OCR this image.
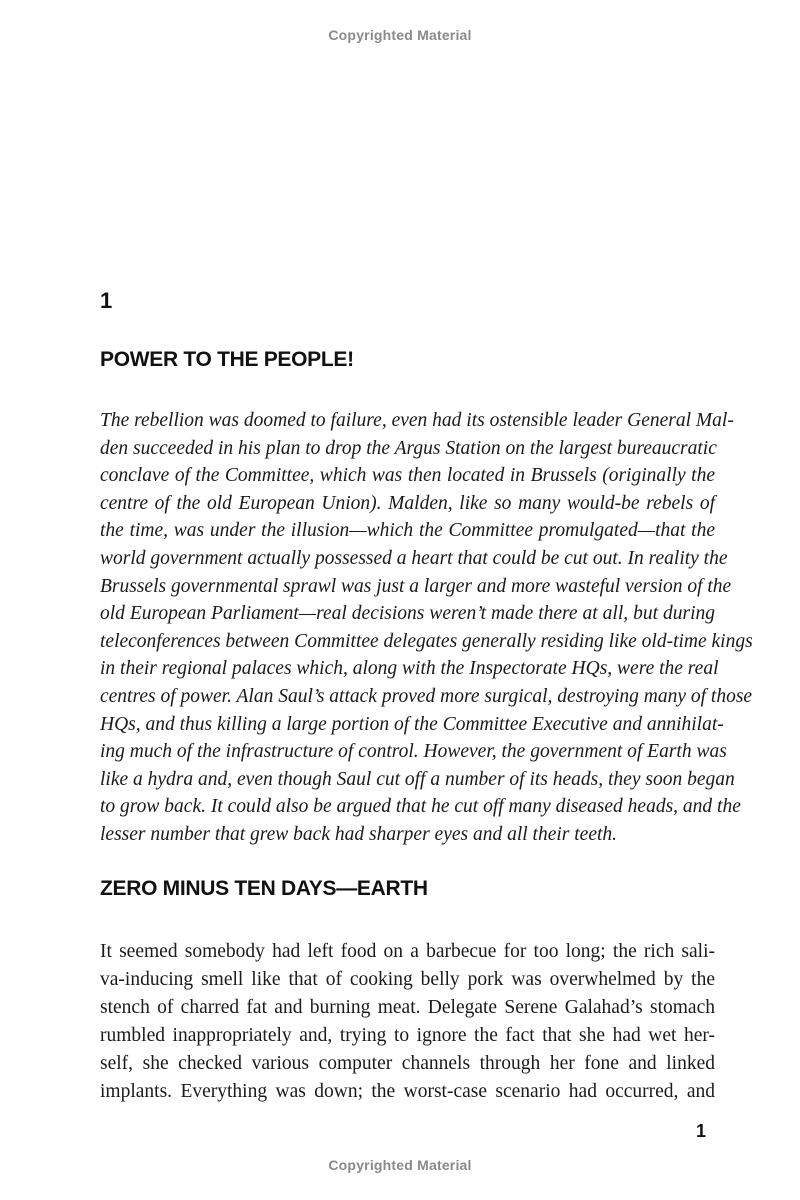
Copyrighted Material
1
POWER TO THE PEOPLE!
The rebellion was doomed to failure, even had its ostensible leader General Mal-
den succeeded in his plan to drop the Argus Station on the largest bureaucratic
conclave of the Committee, which was then located in Brussels (originally the
centre of the old European Union). Malden, like so many would-be rebels of
the time, was under the illusion—which the Committee promulgated—that the
world government actually possessed a heart that could be cut out. In reality the
Brussels governmental sprawl was just a larger and more wasteful version of the
old European Parliament—real decisions weren’t made there at all, but during
teleconferences between Committee delegates generally residing like old-time kings
in their regional palaces which, along with the Inspectorate HQs, were the real
centres of power. Alan Saul’s attack proved more surgical, destroying many of those
HQs, and thus killing a large portion of the Committee Executive and annihilat-
ing much of the infrastructure of control. However, the government of Earth was
like a hydra and, even though Saul cut off a number of its heads, they soon began
to grow back. It could also be argued that he cut off many diseased heads, and the
lesser number that grew back had sharper eyes and all their teeth.
ZERO MINUS TEN DAYS—EARTH
It seemed somebody had left food on a barbecue for too long; the rich sali-
va-inducing smell like that of cooking belly pork was overwhelmed by the
stench of charred fat and burning meat. Delegate Serene Galahad’s stomach
rumbled inappropriately and, trying to ignore the fact that she had wet her-
self, she checked various computer channels through her fone and linked
implants. Everything was down; the worst-case scenario had occurred, and
1
Copyrighted Material
